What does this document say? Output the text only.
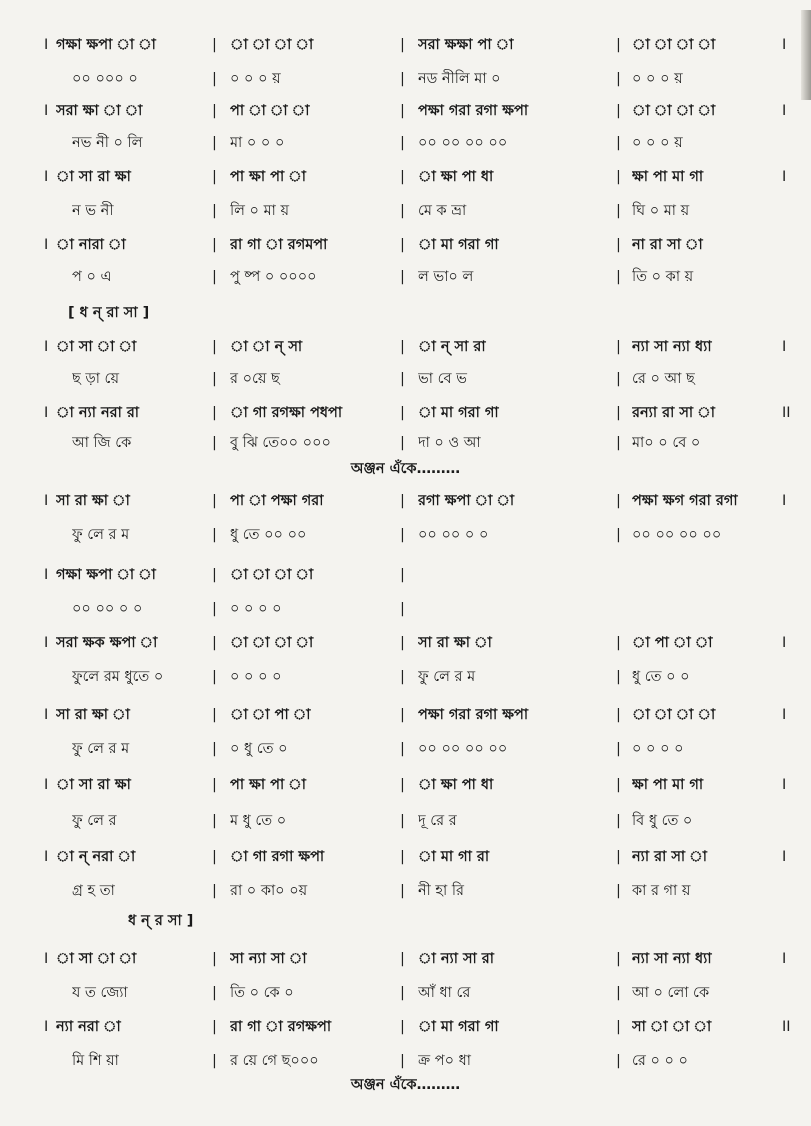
I গক্ষা ক্ষপা া া	| া া া া	| সরা ক্ষক্ষা পা া	| া া া া	I
০০ ০০০ ০	| ০ ০ ০ য়	| নড নীলি মা ০	| ০ ০ ০ য়
I সরা ক্ষা া া	| পা া া া	| পক্ষা গরা রগা ক্ষপা	| া া া া	I
নভ নী ০ লি	| মা ০ ০ ০	| ০০ ০০ ০০ ০০	| ০ ০ ০ য়
I া সা রা ক্ষা	| পা ক্ষা পা া	| া ক্ষা পা ধা	| ক্ষা পা মা গা	I
ন ভ নী	| লি ০ মা য়	| মে ক ভ্রা	| ঘি ০ মা য়
I া নারা া	| রা গা া রগমপা	| া মা গরা গা	| না রা সা া
প ০ এ	| পু ষ্প ০ ০০০০	| ল ভা০ ল	| তি ০ কা য়
I া সা া া	| া া ন্ সা	| া ন্ সা রা	| ন্যা সা ন্যা ধ্যা	I
ছ ড়া য়ে	| র ০য়ে ছ	| ভা বে ভ	| রে ০ আ ছ
I া ন্যা নরা রা	| া গা রগক্ষা পধপা	| া মা গরা গা	| রন্যা রা সা া	II
আ জি কে	| বু ঝি তে০০ ০০০	| দা ০ ও আ	| মা০ ০ বে ০
I সা রা ক্ষা া	| পা া পক্ষা গরা	| রগা ক্ষপা া া	| পক্ষা ক্ষগ গরা রগা	I
ফু লে র ম	| ধু তে ০০ ০০	| ০০ ০০ ০ ০	| ০০ ০০ ০০ ০০
I গক্ষা ক্ষপা া া	| া া া া	|
০০ ০০ ০ ০	| ০ ০ ০ ০	|
I সরা ক্ষক ক্ষপা া	| া া া া	| সা রা ক্ষা া	| া পা া া	I
ফুলে রম ধুতে ০	| ০ ০ ০ ০	| ফু লে র ম	| ধু তে ০ ০
I সা রা ক্ষা া	| া া পা া	| পক্ষা গরা রগা ক্ষপা	| া া া া	I
ফু লে র ম	| ০ ধু তে ০	| ০০ ০০ ০০ ০০	| ০ ০ ০ ০
I া সা রা ক্ষা	| পা ক্ষা পা া	| া ক্ষা পা ধা	| ক্ষা পা মা গা	I
ফু লে র	| ম ধু তে ০	| দূ রে র	| বি ধু তে ০
I া ন্ নরা া	| া গা রগা ক্ষপা	| া মা গা রা	| ন্যা রা সা া	I
গ্র হ তা	| রা ০ কা০ ০য়	| নী হা রি	| কা র গা য়
I া সা া া	| সা ন্যা সা া	| া ন্যা সা রা	| ন্যা সা ন্যা ধ্যা	I
য ত জ্যো	| তি ০ কে ০	| আঁ ধা রে	| আ ০ লো কে
I ন্যা নরা া	| রা গা া রগক্ষপা	| া মা গরা গা	| সা া া া	II
মি শি য়া	| র য়ে গে ছ০০০	| ক্র প০ ধা	| রে ০ ০ ০
[ ধ ন্ রা সা ]
অঞ্জন এঁকে………
ধ ন্ র সা ]
অঞ্জন এঁকে………
